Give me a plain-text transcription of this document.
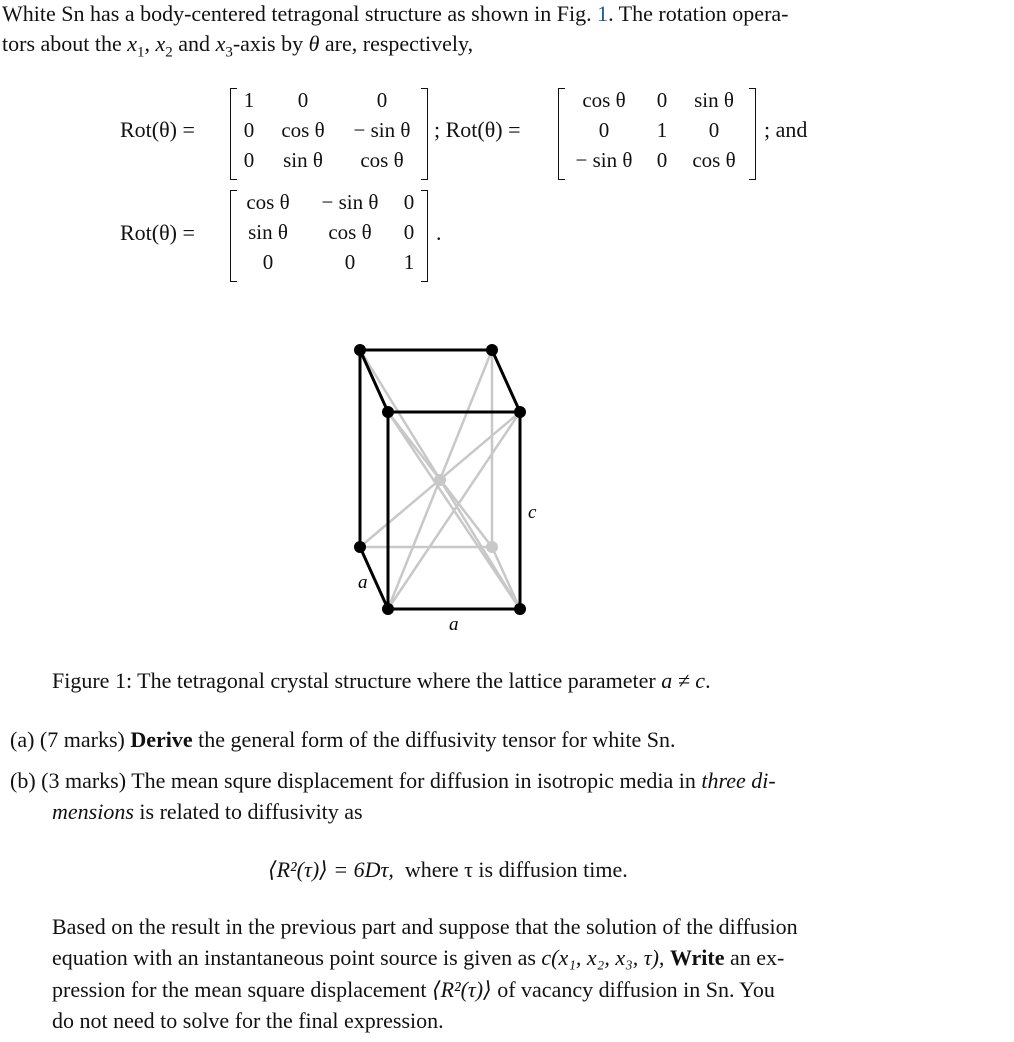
White Sn has a body-centered tetragonal structure as shown in Fig. 1. The rotation opera-
tors about the $x_1$, $x_2$ and $x_3$-axis by θ are, respectively,
Rot(θ) =
1	0	0
0	cos θ	− sin θ
0	sin θ	cos θ
; Rot(θ) =
cos θ	0	sin θ
0	1	0
− sin θ	0	cos θ
; and
Rot(θ) =
cos θ	− sin θ	0
sin θ	cos θ	0
0	0	1
.
c
a
a
Figure 1: The tetragonal crystal structure where the lattice parameter a ≠ c.
(a) (7 marks) Derive the general form of the diffusivity tensor for white Sn.
(b) (3 marks) The mean squre displacement for diffusion in isotropic media in three di-
mensions is related to diffusivity as
⟨R²(τ)⟩ = 6Dτ, where τ is diffusion time.
Based on the result in the previous part and suppose that the solution of the diffusion
equation with an instantaneous point source is given as c(x₁, x₂, x₃, τ), Write an ex-
pression for the mean square displacement ⟨R²(τ)⟩ of vacancy diffusion in Sn. You
do not need to solve for the final expression.
